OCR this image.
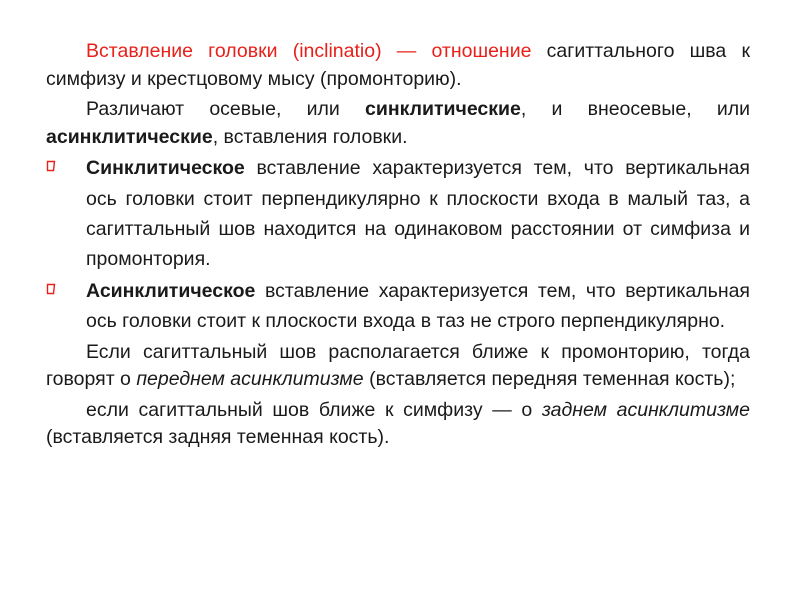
Вставление головки (inclinatio) — отношение сагиттального шва к симфизу и крестцовому мысу (промонторию).

Различают осевые, или синклитические, и внеосевые, или асинклитические, вставления головки.

Синклитическое вставление характеризуется тем, что вертикальная ось головки стоит перпендикулярно к плоскости входа в малый таз, а сагиттальный шов находится на одинаковом расстоянии от симфиза и промонтория.
Асинклитическое вставление характеризуется тем, что вертикальная ось головки стоит к плоскости входа в таз не строго перпендикулярно.

Если сагиттальный шов располагается ближе к промонторию, тогда говорят о переднем асинклитизме (вставляется передняя теменная кость);

если сагиттальный шов ближе к симфизу — о заднем асинклитизме (вставляется задняя теменная кость).
